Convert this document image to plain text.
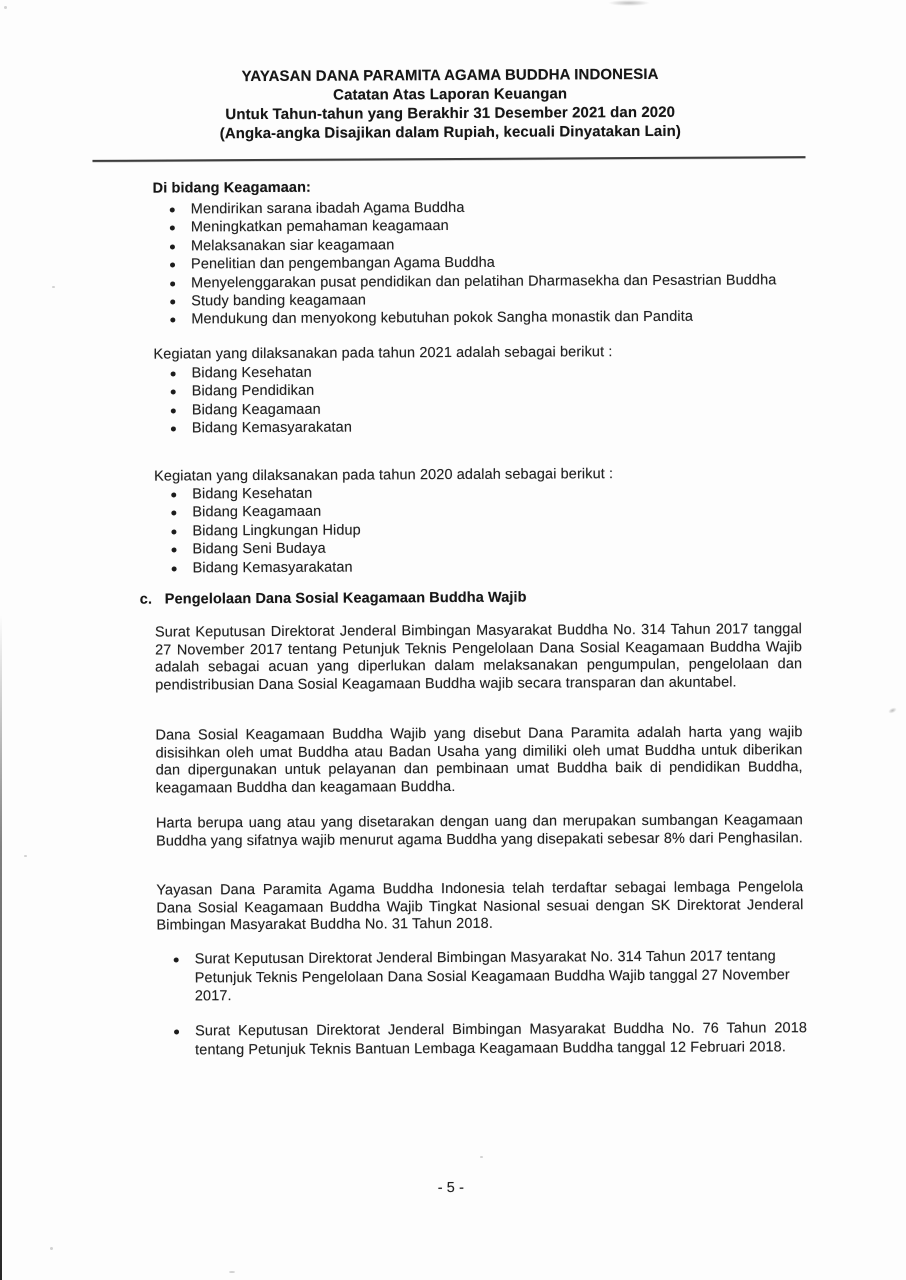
YAYASAN DANA PARAMITA AGAMA BUDDHA INDONESIA
Catatan Atas Laporan Keuangan
Untuk Tahun-tahun yang Berakhir 31 Desember 2021 dan 2020
(Angka-angka Disajikan dalam Rupiah, kecuali Dinyatakan Lain)
Di bidang Keagamaan:
Mendirikan sarana ibadah Agama Buddha
Meningkatkan pemahaman keagamaan
Melaksanakan siar keagamaan
Penelitian dan pengembangan Agama Buddha
Menyelenggarakan pusat pendidikan dan pelatihan Dharmasekha dan Pesastrian Buddha
Study banding keagamaan
Mendukung dan menyokong kebutuhan pokok Sangha monastik dan Pandita
Kegiatan yang dilaksanakan pada tahun 2021 adalah sebagai berikut :
Bidang Kesehatan
Bidang Pendidikan
Bidang Keagamaan
Bidang Kemasyarakatan
Kegiatan yang dilaksanakan pada tahun 2020 adalah sebagai berikut :
Bidang Kesehatan
Bidang Keagamaan
Bidang Lingkungan Hidup
Bidang Seni Budaya
Bidang Kemasyarakatan
c. Pengelolaan Dana Sosial Keagamaan Buddha Wajib

Surat Keputusan Direktorat Jenderal Bimbingan Masyarakat Buddha No. 314 Tahun 2017 tanggal 27 November 2017 tentang Petunjuk Teknis Pengelolaan Dana Sosial Keagamaan Buddha Wajib adalah sebagai acuan yang diperlukan dalam melaksanakan pengumpulan, pengelolaan dan pendistribusian Dana Sosial Keagamaan Buddha wajib secara transparan dan akuntabel.

Dana Sosial Keagamaan Buddha Wajib yang disebut Dana Paramita adalah harta yang wajib disisihkan oleh umat Buddha atau Badan Usaha yang dimiliki oleh umat Buddha untuk diberikan dan dipergunakan untuk pelayanan dan pembinaan umat Buddha baik di pendidikan Buddha, keagamaan Buddha dan keagamaan Buddha.

Harta berupa uang atau yang disetarakan dengan uang dan merupakan sumbangan Keagamaan Buddha yang sifatnya wajib menurut agama Buddha yang disepakati sebesar 8% dari Penghasilan.

Yayasan Dana Paramita Agama Buddha Indonesia telah terdaftar sebagai lembaga Pengelola Dana Sosial Keagamaan Buddha Wajib Tingkat Nasional sesuai dengan SK Direktorat Jenderal Bimbingan Masyarakat Buddha No. 31 Tahun 2018.

Surat Keputusan Direktorat Jenderal Bimbingan Masyarakat No. 314 Tahun 2017 tentang Petunjuk Teknis Pengelolaan Dana Sosial Keagamaan Buddha Wajib tanggal 27 November 2017.
Surat Keputusan Direktorat Jenderal Bimbingan Masyarakat Buddha No. 76 Tahun 2018 tentang Petunjuk Teknis Bantuan Lembaga Keagamaan Buddha tanggal 12 Februari 2018.
- 5 -
